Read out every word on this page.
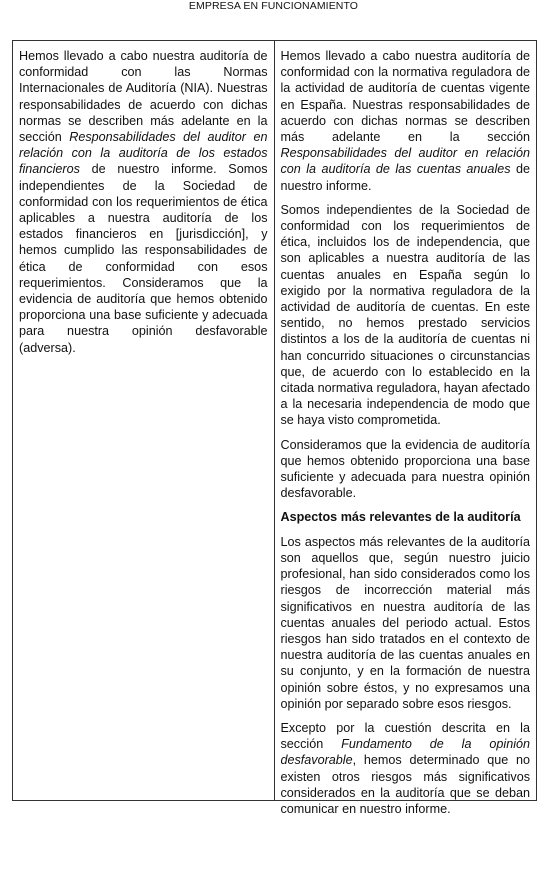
EMPRESA EN FUNCIONAMIENTO

Hemos llevado a cabo nuestra auditoría de conformidad con las Normas Internacionales de Auditoría (NIA). Nuestras responsabilidades de acuerdo con dichas normas se describen más adelante en la sección Responsabilidades del auditor en relación con la auditoría de los estados financieros de nuestro informe. Somos independientes de la Sociedad de conformidad con los requerimientos de ética aplicables a nuestra auditoría de los estados financieros en [jurisdicción], y hemos cumplido las responsabilidades de ética de conformidad con esos requerimientos. Consideramos que la evidencia de auditoría que hemos obtenido proporciona una base suficiente y adecuada para nuestra opinión desfavorable (adversa).

Hemos llevado a cabo nuestra auditoría de conformidad con la normativa reguladora de la actividad de auditoría de cuentas vigente en España. Nuestras responsabilidades de acuerdo con dichas normas se describen más adelante en la sección Responsabilidades del auditor en relación con la auditoría de las cuentas anuales de nuestro informe.

Somos independientes de la Sociedad de conformidad con los requerimientos de ética, incluidos los de independencia, que son aplicables a nuestra auditoría de las cuentas anuales en España según lo exigido por la normativa reguladora de la actividad de auditoría de cuentas. En este sentido, no hemos prestado servicios distintos a los de la auditoría de cuentas ni han concurrido situaciones o circunstancias que, de acuerdo con lo establecido en la citada normativa reguladora, hayan afectado a la necesaria independencia de modo que se haya visto comprometida.

Consideramos que la evidencia de auditoría que hemos obtenido proporciona una base suficiente y adecuada para nuestra opinión desfavorable.

Aspectos más relevantes de la auditoría

Los aspectos más relevantes de la auditoría son aquellos que, según nuestro juicio profesional, han sido considerados como los riesgos de incorrección material más significativos en nuestra auditoría de las cuentas anuales del periodo actual. Estos riesgos han sido tratados en el contexto de nuestra auditoría de las cuentas anuales en su conjunto, y en la formación de nuestra opinión sobre éstos, y no expresamos una opinión por separado sobre esos riesgos.

Excepto por la cuestión descrita en la sección Fundamento de la opinión desfavorable, hemos determinado que no existen otros riesgos más significativos considerados en la auditoría que se deban comunicar en nuestro informe.
